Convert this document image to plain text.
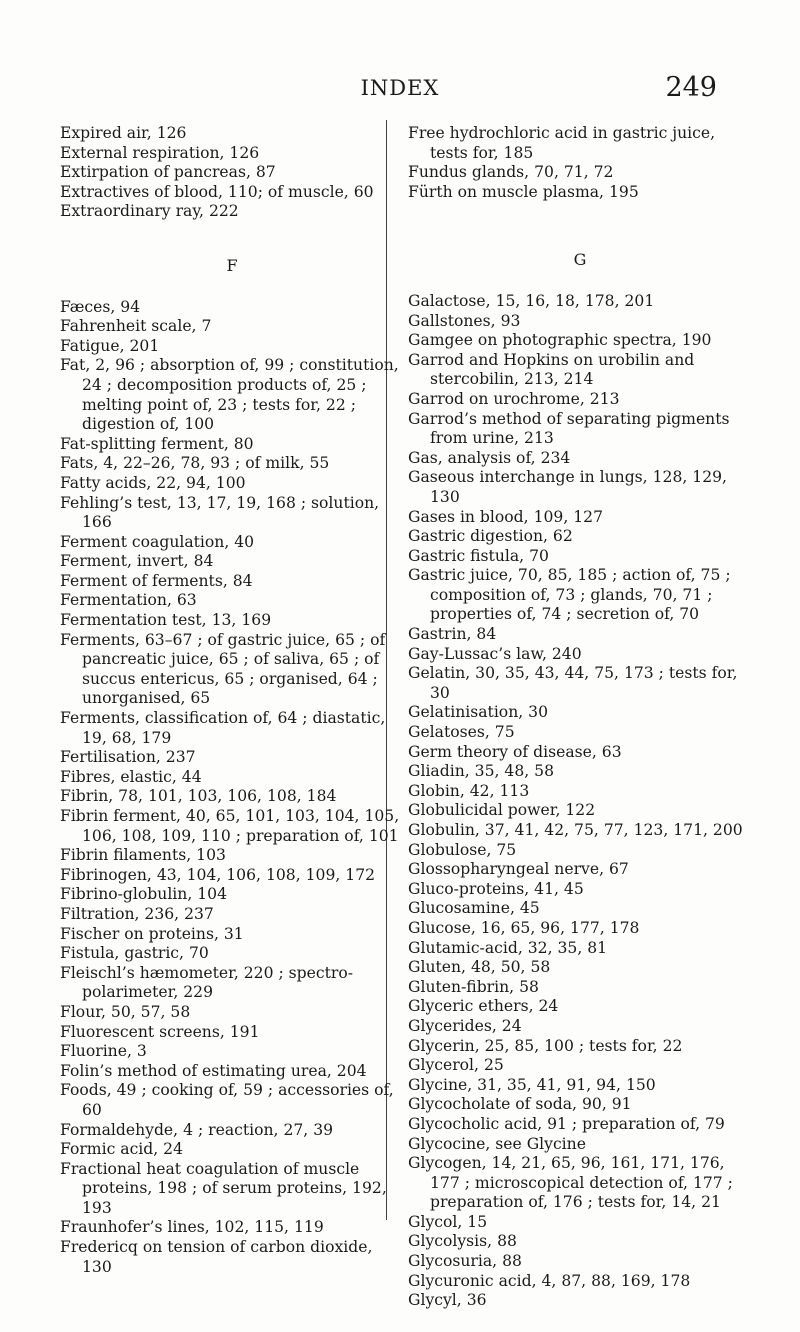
INDEX	249

Expired air, 126

External respiration, 126

Extirpation of pancreas, 87

Extractives of blood, 110; of muscle, 60

Extraordinary ray, 222

F

Fæces, 94

Fahrenheit scale, 7

Fatigue, 201

Fat, 2, 96 ; absorption of, 99 ; constitution, 24 ; decomposition products of, 25 ; melting point of, 23 ; tests for, 22 ; digestion of, 100

Fat-splitting ferment, 80

Fats, 4, 22–26, 78, 93 ; of milk, 55

Fatty acids, 22, 94, 100

Fehling’s test, 13, 17, 19, 168 ; solution, 166

Ferment coagulation, 40

Ferment, invert, 84

Ferment of ferments, 84

Fermentation, 63

Fermentation test, 13, 169

Ferments, 63–67 ; of gastric juice, 65 ; of pancreatic juice, 65 ; of saliva, 65 ; of succus entericus, 65 ; organised, 64 ; unorganised, 65

Ferments, classification of, 64 ; diastatic, 19, 68, 179

Fertilisation, 237

Fibres, elastic, 44

Fibrin, 78, 101, 103, 106, 108, 184

Fibrin ferment, 40, 65, 101, 103, 104, 105, 106, 108, 109, 110 ; preparation of, 101

Fibrin filaments, 103

Fibrinogen, 43, 104, 106, 108, 109, 172

Fibrino-globulin, 104

Filtration, 236, 237

Fischer on proteins, 31

Fistula, gastric, 70

Fleischl’s hæmometer, 220 ; spectro-polarimeter, 229

Flour, 50, 57, 58

Fluorescent screens, 191

Fluorine, 3

Folin’s method of estimating urea, 204

Foods, 49 ; cooking of, 59 ; accessories of, 60

Formaldehyde, 4 ; reaction, 27, 39

Formic acid, 24

Fractional heat coagulation of muscle proteins, 198 ; of serum proteins, 192, 193

Fraunhofer’s lines, 102, 115, 119

Fredericq on tension of carbon dioxide, 130

Free hydrochloric acid in gastric juice, tests for, 185

Fundus glands, 70, 71, 72

Fürth on muscle plasma, 195

G

Galactose, 15, 16, 18, 178, 201

Gallstones, 93

Gamgee on photographic spectra, 190

Garrod and Hopkins on urobilin and stercobilin, 213, 214

Garrod on urochrome, 213

Garrod’s method of separating pigments from urine, 213

Gas, analysis of, 234

Gaseous interchange in lungs, 128, 129, 130

Gases in blood, 109, 127

Gastric digestion, 62

Gastric fistula, 70

Gastric juice, 70, 85, 185 ; action of, 75 ; composition of, 73 ; glands, 70, 71 ; properties of, 74 ; secretion of, 70

Gastrin, 84

Gay-Lussac’s law, 240

Gelatin, 30, 35, 43, 44, 75, 173 ; tests for, 30

Gelatinisation, 30

Gelatoses, 75

Germ theory of disease, 63

Gliadin, 35, 48, 58

Globin, 42, 113

Globulicidal power, 122

Globulin, 37, 41, 42, 75, 77, 123, 171, 200

Globulose, 75

Glossopharyngeal nerve, 67

Gluco-proteins, 41, 45

Glucosamine, 45

Glucose, 16, 65, 96, 177, 178

Glutamic-acid, 32, 35, 81

Gluten, 48, 50, 58

Gluten-fibrin, 58

Glyceric ethers, 24

Glycerides, 24

Glycerin, 25, 85, 100 ; tests for, 22

Glycerol, 25

Glycine, 31, 35, 41, 91, 94, 150

Glycocholate of soda, 90, 91

Glycocholic acid, 91 ; preparation of, 79

Glycocine, see Glycine

Glycogen, 14, 21, 65, 96, 161, 171, 176, 177 ; microscopical detection of, 177 ; preparation of, 176 ; tests for, 14, 21

Glycol, 15

Glycolysis, 88

Glycosuria, 88

Glycuronic acid, 4, 87, 88, 169, 178

Glycyl, 36
